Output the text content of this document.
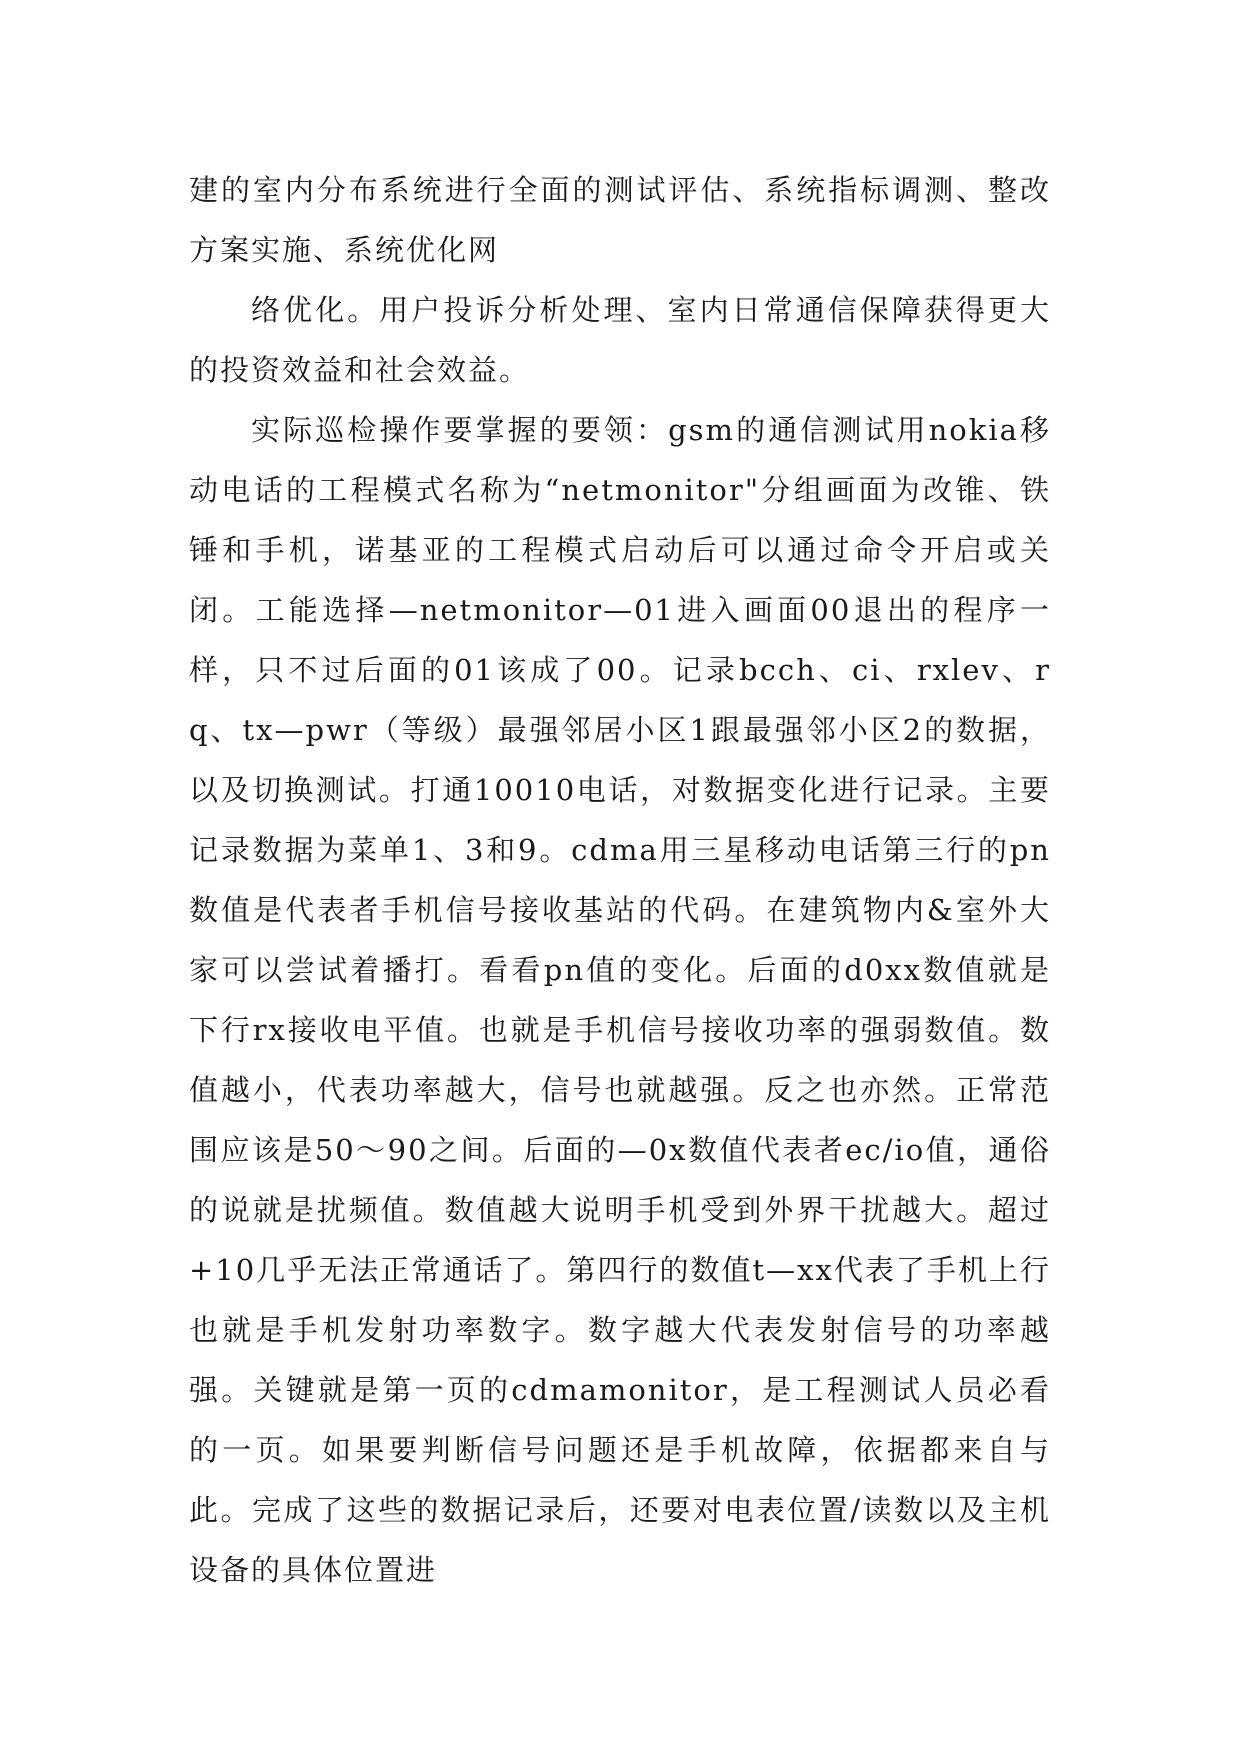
建的室内分布系统进行全面的测试评估、系统指标调测、整改方案实施、系统优化网

络优化。用户投诉分析处理、室内日常通信保障获得更大的投资效益和社会效益。

实际巡检操作要掌握的要领：gsm的通信测试用nokia移动电话的工程模式名称为“netmonitor"分组画面为改锥、铁锤和手机，诺基亚的工程模式启动后可以通过命令开启或关闭。工能选择—netmonitor—01进入画面00退出的程序一样，只不过后面的01该成了00。记录bcch、ci、rxlev、rq、tx—pwr（等级）最强邻居小区1跟最强邻小区2的数据，以及切换测试。打通10010电话，对数据变化进行记录。主要记录数据为菜单1、3和9。cdma用三星移动电话第三行的pn数值是代表者手机信号接收基站的代码。在建筑物内&室外大家可以尝试着播打。看看pn值的变化。后面的d0xx数值就是下行rx接收电平值。也就是手机信号接收功率的强弱数值。数值越小，代表功率越大，信号也就越强。反之也亦然。正常范围应该是50～90之间。后面的—0x数值代表者ec/io值，通俗的说就是扰频值。数值越大说明手机受到外界干扰越大。超过+10几乎无法正常通话了。第四行的数值t—xx代表了手机上行也就是手机发射功率数字。数字越大代表发射信号的功率越强。关键就是第一页的cdmamonitor，是工程测试人员必看的一页。如果要判断信号问题还是手机故障，依据都来自与此。完成了这些的数据记录后，还要对电表位置/读数以及主机设备的具体位置进
